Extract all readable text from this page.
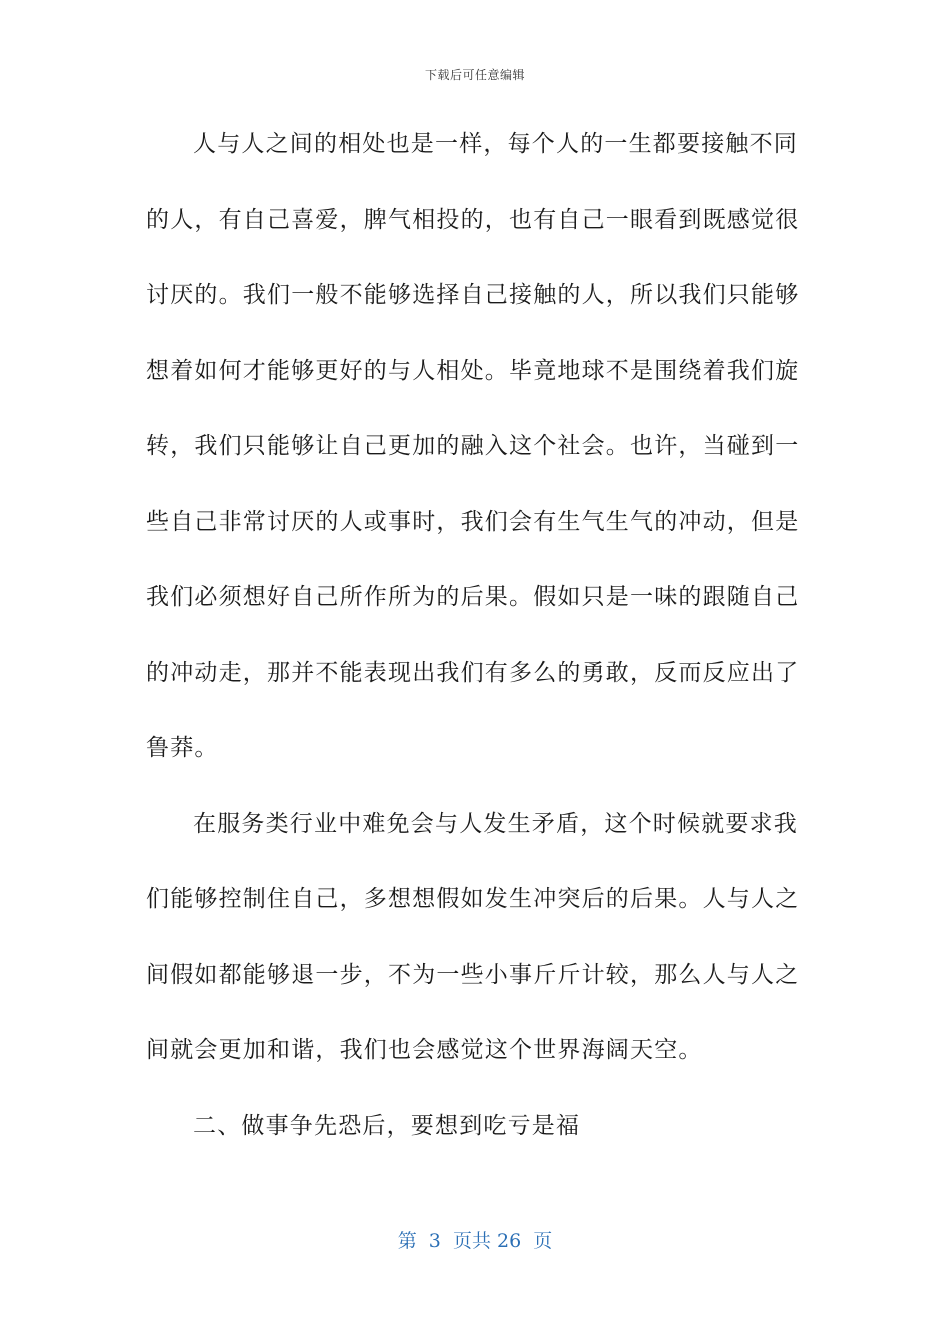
下载后可任意编辑
人与人之间的相处也是一样，每个人的一生都要接触不同
的人，有自己喜爱，脾气相投的，也有自己一眼看到既感觉很
讨厌的。我们一般不能够选择自己接触的人，所以我们只能够
想着如何才能够更好的与人相处。毕竟地球不是围绕着我们旋
转，我们只能够让自己更加的融入这个社会。也许，当碰到一
些自己非常讨厌的人或事时，我们会有生气生气的冲动，但是
我们必须想好自己所作所为的后果。假如只是一味的跟随自己
的冲动走，那并不能表现出我们有多么的勇敢，反而反应出了
鲁莽。
在服务类行业中难免会与人发生矛盾，这个时候就要求我
们能够控制住自己，多想想假如发生冲突后的后果。人与人之
间假如都能够退一步，不为一些小事斤斤计较，那么人与人之
间就会更加和谐，我们也会感觉这个世界海阔天空。
二、做事争先恐后，要想到吃亏是福
第  3  页共 26  页
